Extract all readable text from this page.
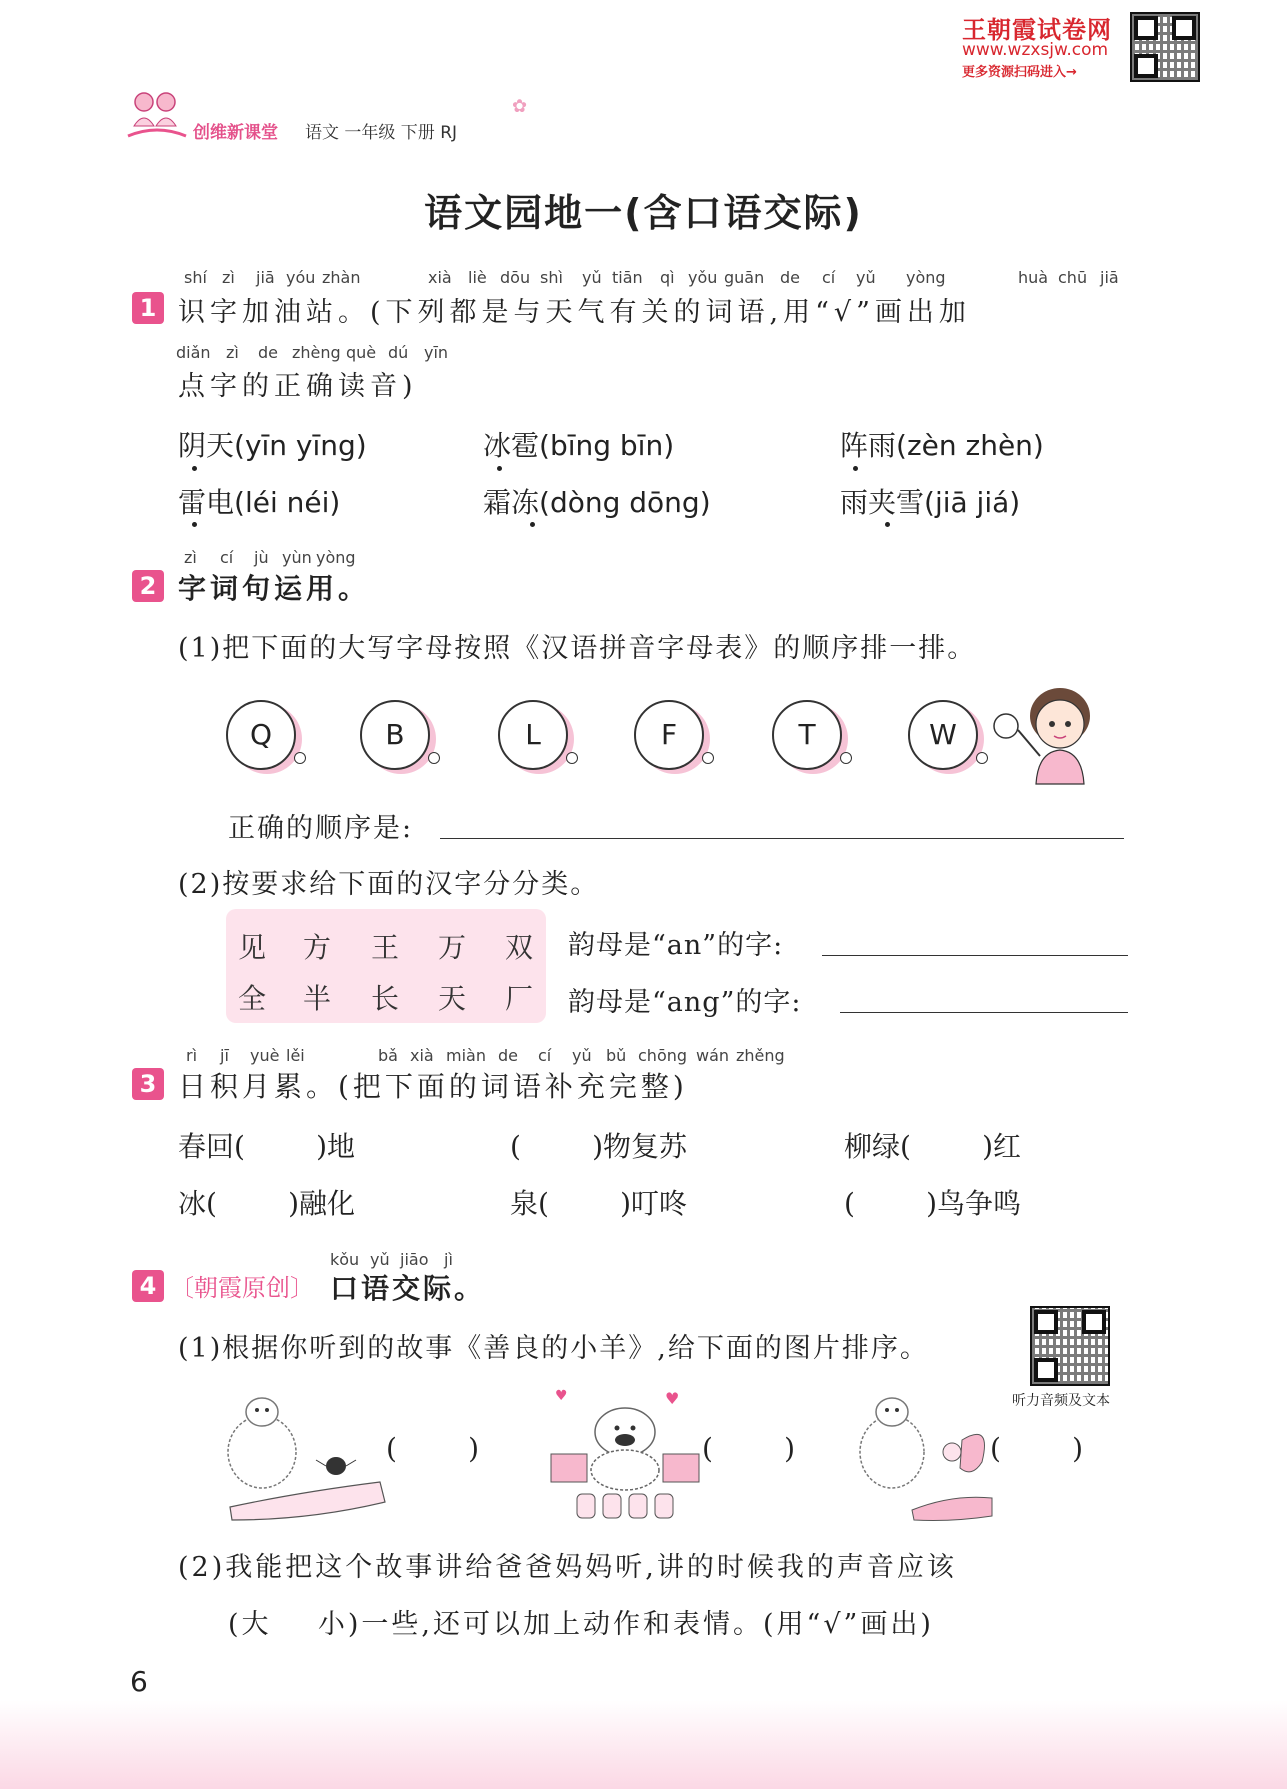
王朝霞试卷网
www.wzxsjw.com
更多资源扫码进入→
创维新课堂 语文 一年级 下册 RJ
✿
语文园地一(含口语交际)
1
shí zì jiā yóu zhàn	xià liè dōu shì yǔ tiān qì yǒu guān de cí yǔ yòng	huà chū jiā
识字加油站。(下列都是与天气有关的词语,用“√”画出加
diǎn zì de zhèng què dú yīn
点字的正确读音)
阴天(yīn yīng)	冰雹(bīng bīn)	阵雨(zèn zhèn)
雷电(léi néi)	霜冻(dòng dōng)	雨夹雪(jiā jiá)
2
zì cí jù yùn yòng
字词句运用。
(1)把下面的大写字母按照《汉语拼音字母表》的顺序排一排。
Q	B	L	F	T	W
正确的顺序是:
(2)按要求给下面的汉字分分类。
见 方 王 万 双
全 半 长 天 厂
韵母是“an”的字:
韵母是“ang”的字:
3
rì jī yuè lěi	bǎ xià miàn de cí yǔ bǔ chōng wán zhěng
日积月累。(把下面的词语补充完整)
春回(        )地	(        )物复苏	柳绿(        )红
冰(        )融化	泉(        )叮咚	(        )鸟争鸣
4 〔朝霞原创〕
kǒu yǔ jiāo jì
口语交际。
(1)根据你听到的故事《善良的小羊》,给下面的图片排序。
听力音频及文本
(        )
♥	♥
(        )	(        )
(2)我能把这个故事讲给爸爸妈妈听,讲的时候我的声音应该
(大    小)一些,还可以加上动作和表情。(用“√”画出)
6
